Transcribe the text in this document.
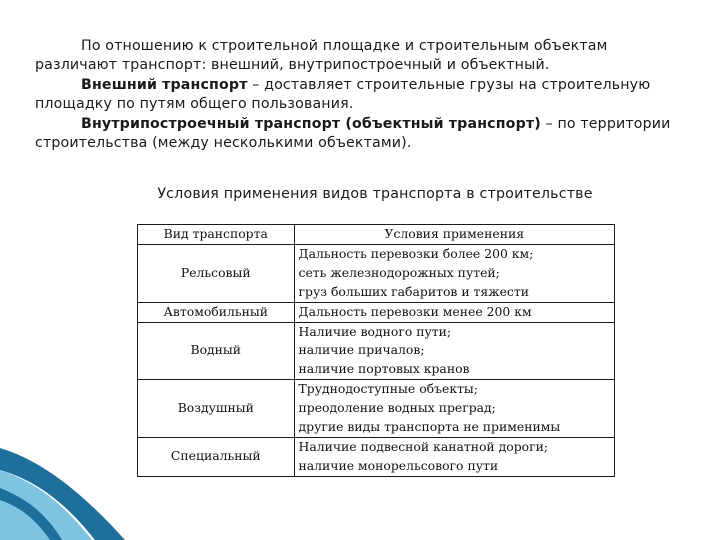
По отношению к строительной площадке и строительным объектам различают транспорт: внешний, внутрипостроечный и объектный.

Внешний транспорт – доставляет строительные грузы на строительную площадку по путям общего пользования.

Внутрипостроечный транспорт (объектный транспорт) – по территории строительства (между несколькими объектами).

Условия применения видов транспорта в строительстве
Вид транспорта	Условия применения
Рельсовый	Дальность перевозки более 200 км;
сеть железнодорожных путей;
груз больших габаритов и тяжести

Автомобильный	Дальность перевозки менее 200 км

Водный	Наличие водного пути;
наличие причалов;
наличие портовых кранов

Воздушный	Труднодоступные объекты;
преодоление водных преград;
другие виды транспорта не применимы

Специальный	Наличие подвесной канатной дороги;
наличие монорельсового пути
